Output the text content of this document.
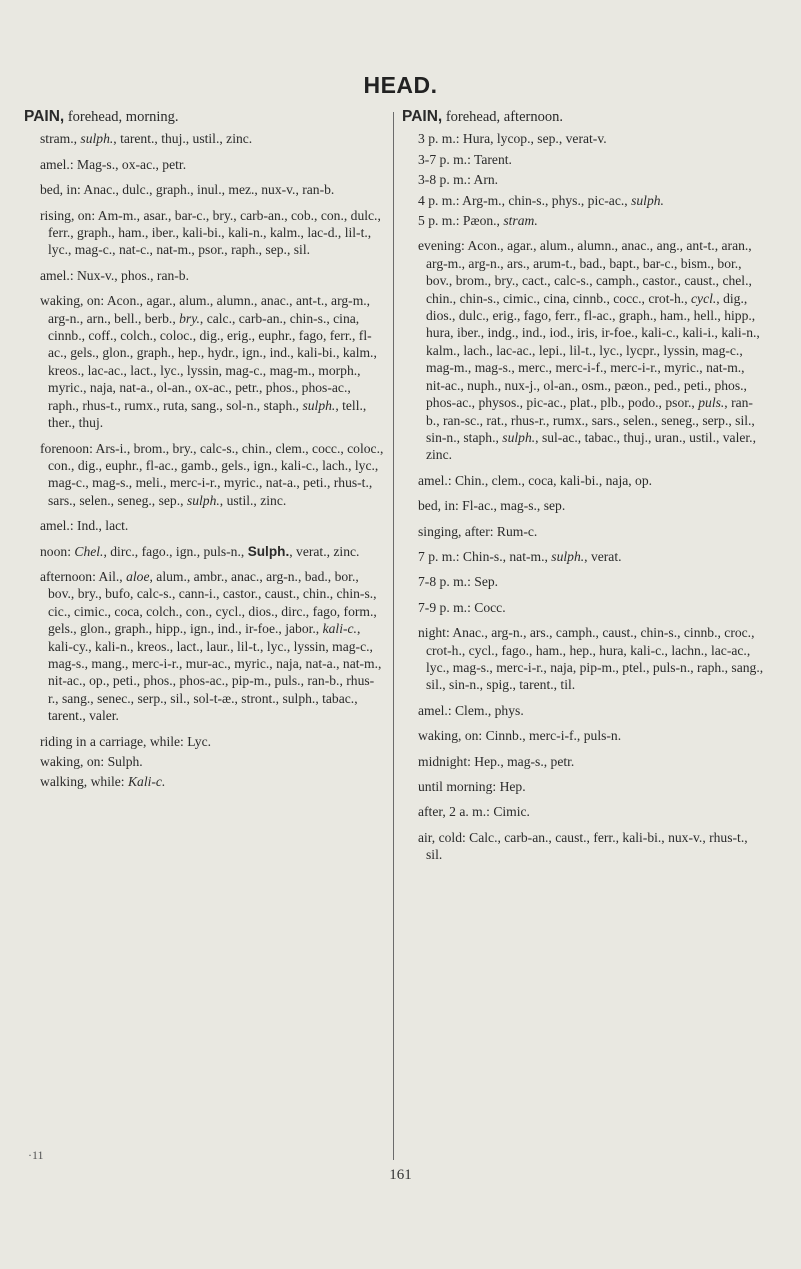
HEAD.

PAIN, forehead, morning.

stram., sulph., tarent., thuj., ustil., zinc.

amel.: Mag-s., ox-ac., petr.

bed, in: Anac., dulc., graph., inul., mez., nux-v., ran-b.

rising, on: Am-m., asar., bar-c., bry., carb-an., cob., con., dulc., ferr., graph., ham., iber., kali-bi., kali-n., kalm., lac-d., lil-t., lyc., mag-c., nat-c., nat-m., psor., raph., sep., sil.

amel.: Nux-v., phos., ran-b.

waking, on: Acon., agar., alum., alumn., anac., ant-t., arg-m., arg-n., arn., bell., berb., bry., calc., carb-an., chin-s., cina, cinnb., coff., colch., coloc., dig., erig., euphr., fago, ferr., fl-ac., gels., glon., graph., hep., hydr., ign., ind., kali-bi., kalm., kreos., lac-ac., lact., lyc., lyssin, mag-c., mag-m., morph., myric., naja, nat-a., ol-an., ox-ac., petr., phos., phos-ac., raph., rhus-t., rumx., ruta, sang., sol-n., staph., sulph., tell., ther., thuj.

forenoon: Ars-i., brom., bry., calc-s., chin., clem., cocc., coloc., con., dig., euphr., fl-ac., gamb., gels., ign., kali-c., lach., lyc., mag-c., mag-s., meli., merc-i-r., myric., nat-a., peti., rhus-t., sars., selen., seneg., sep., sulph., ustil., zinc.

amel.: Ind., lact.

noon: Chel., dirc., fago., ign., puls-n., Sulph., verat., zinc.

afternoon: Ail., aloe, alum., ambr., anac., arg-n., bad., bor., bov., bry., bufo, calc-s., cann-i., castor., caust., chin., chin-s., cic., cimic., coca, colch., con., cycl., dios., dirc., fago, form., gels., glon., graph., hipp., ign., ind., ir-foe., jabor., kali-c., kali-cy., kali-n., kreos., lact., laur., lil-t., lyc., lyssin, mag-c., mag-s., mang., merc-i-r., mur-ac., myric., naja, nat-a., nat-m., nit-ac., op., peti., phos., phos-ac., pip-m., puls., ran-b., rhus-r., sang., senec., serp., sil., sol-t-æ., stront., sulph., tabac., tarent., valer.

riding in a carriage, while: Lyc.

waking, on: Sulph.

walking, while: Kali-c.

PAIN, forehead, afternoon.

3 p. m.: Hura, lycop., sep., verat-v.

3-7 p. m.: Tarent.

3-8 p. m.: Arn.

4 p. m.: Arg-m., chin-s., phys., pic-ac., sulph.

5 p. m.: Pæon., stram.

evening: Acon., agar., alum., alumn., anac., ang., ant-t., aran., arg-m., arg-n., ars., arum-t., bad., bapt., bar-c., bism., bor., bov., brom., bry., cact., calc-s., camph., castor., caust., chel., chin., chin-s., cimic., cina, cinnb., cocc., crot-h., cycl., dig., dios., dulc., erig., fago, ferr., fl-ac., graph., ham., hell., hipp., hura, iber., indg., ind., iod., iris, ir-foe., kali-c., kali-i., kali-n., kalm., lach., lac-ac., lepi., lil-t., lyc., lycpr., lyssin, mag-c., mag-m., mag-s., merc., merc-i-f., merc-i-r., myric., nat-m., nit-ac., nuph., nux-j., ol-an., osm., pæon., ped., peti., phos., phos-ac., physos., pic-ac., plat., plb., podo., psor., puls., ran-b., ran-sc., rat., rhus-r., rumx., sars., selen., seneg., serp., sil., sin-n., staph., sulph., sul-ac., tabac., thuj., uran., ustil., valer., zinc.

amel.: Chin., clem., coca, kali-bi., naja, op.

bed, in: Fl-ac., mag-s., sep.

singing, after: Rum-c.

7 p. m.: Chin-s., nat-m., sulph., verat.

7-8 p. m.: Sep.

7-9 p. m.: Cocc.

night: Anac., arg-n., ars., camph., caust., chin-s., cinnb., croc., crot-h., cycl., fago., ham., hep., hura, kali-c., lachn., lac-ac., lyc., mag-s., merc-i-r., naja, pip-m., ptel., puls-n., raph., sang., sil., sin-n., spig., tarent., til.

amel.: Clem., phys.

waking, on: Cinnb., merc-i-f., puls-n.

midnight: Hep., mag-s., petr.

until morning: Hep.

after, 2 a. m.: Cimic.

air, cold: Calc., carb-an., caust., ferr., kali-bi., nux-v., rhus-t., sil.

·11
161
